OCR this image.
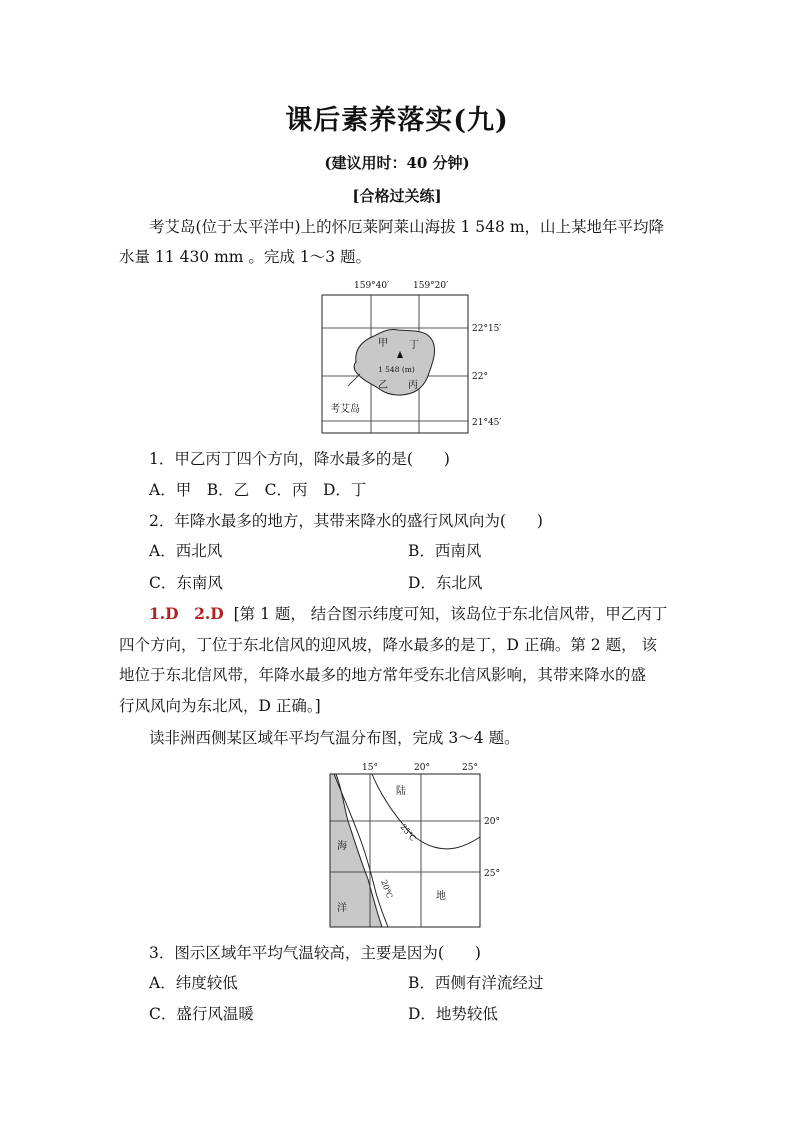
课后素养落实(九)
(建议用时：40 分钟)
[合格过关练]
考艾岛(位于太平洋中)上的怀厄莱阿莱山海拔 1 548 m，山上某地年平均降
水量 11 430 mm 。完成 1～3 题。
159°40′	159°20′
甲 丁
1 548 (m)
乙 丙
考艾岛
22°15′
22°
21°45′
1．甲乙丙丁四个方向，降水最多的是(　　)
A．甲　B．乙　C．丙　D．丁
2．年降水最多的地方，其带来降水的盛行风风向为(　　)
A．西北风	B．西南风
C．东南风	D．东北风
1.D　2.D [第 1 题， 结合图示纬度可知，该岛位于东北信风带，甲乙丙丁
四个方向，丁位于东北信风的迎风坡，降水最多的是丁，D 正确。第 2 题， 该
地位于东北信风带，年降水最多的地方常年受东北信风影响，其带来降水的盛
行风风向为东北风，D 正确。]
读非洲西侧某区域年平均气温分布图，完成 3～4 题。
15°	20°	25°
陆
地
海
洋
25℃
20℃
20°
25°
3．图示区域年平均气温较高，主要是因为(　　)
A．纬度较低	B．西侧有洋流经过
C．盛行风温暖	D．地势较低
